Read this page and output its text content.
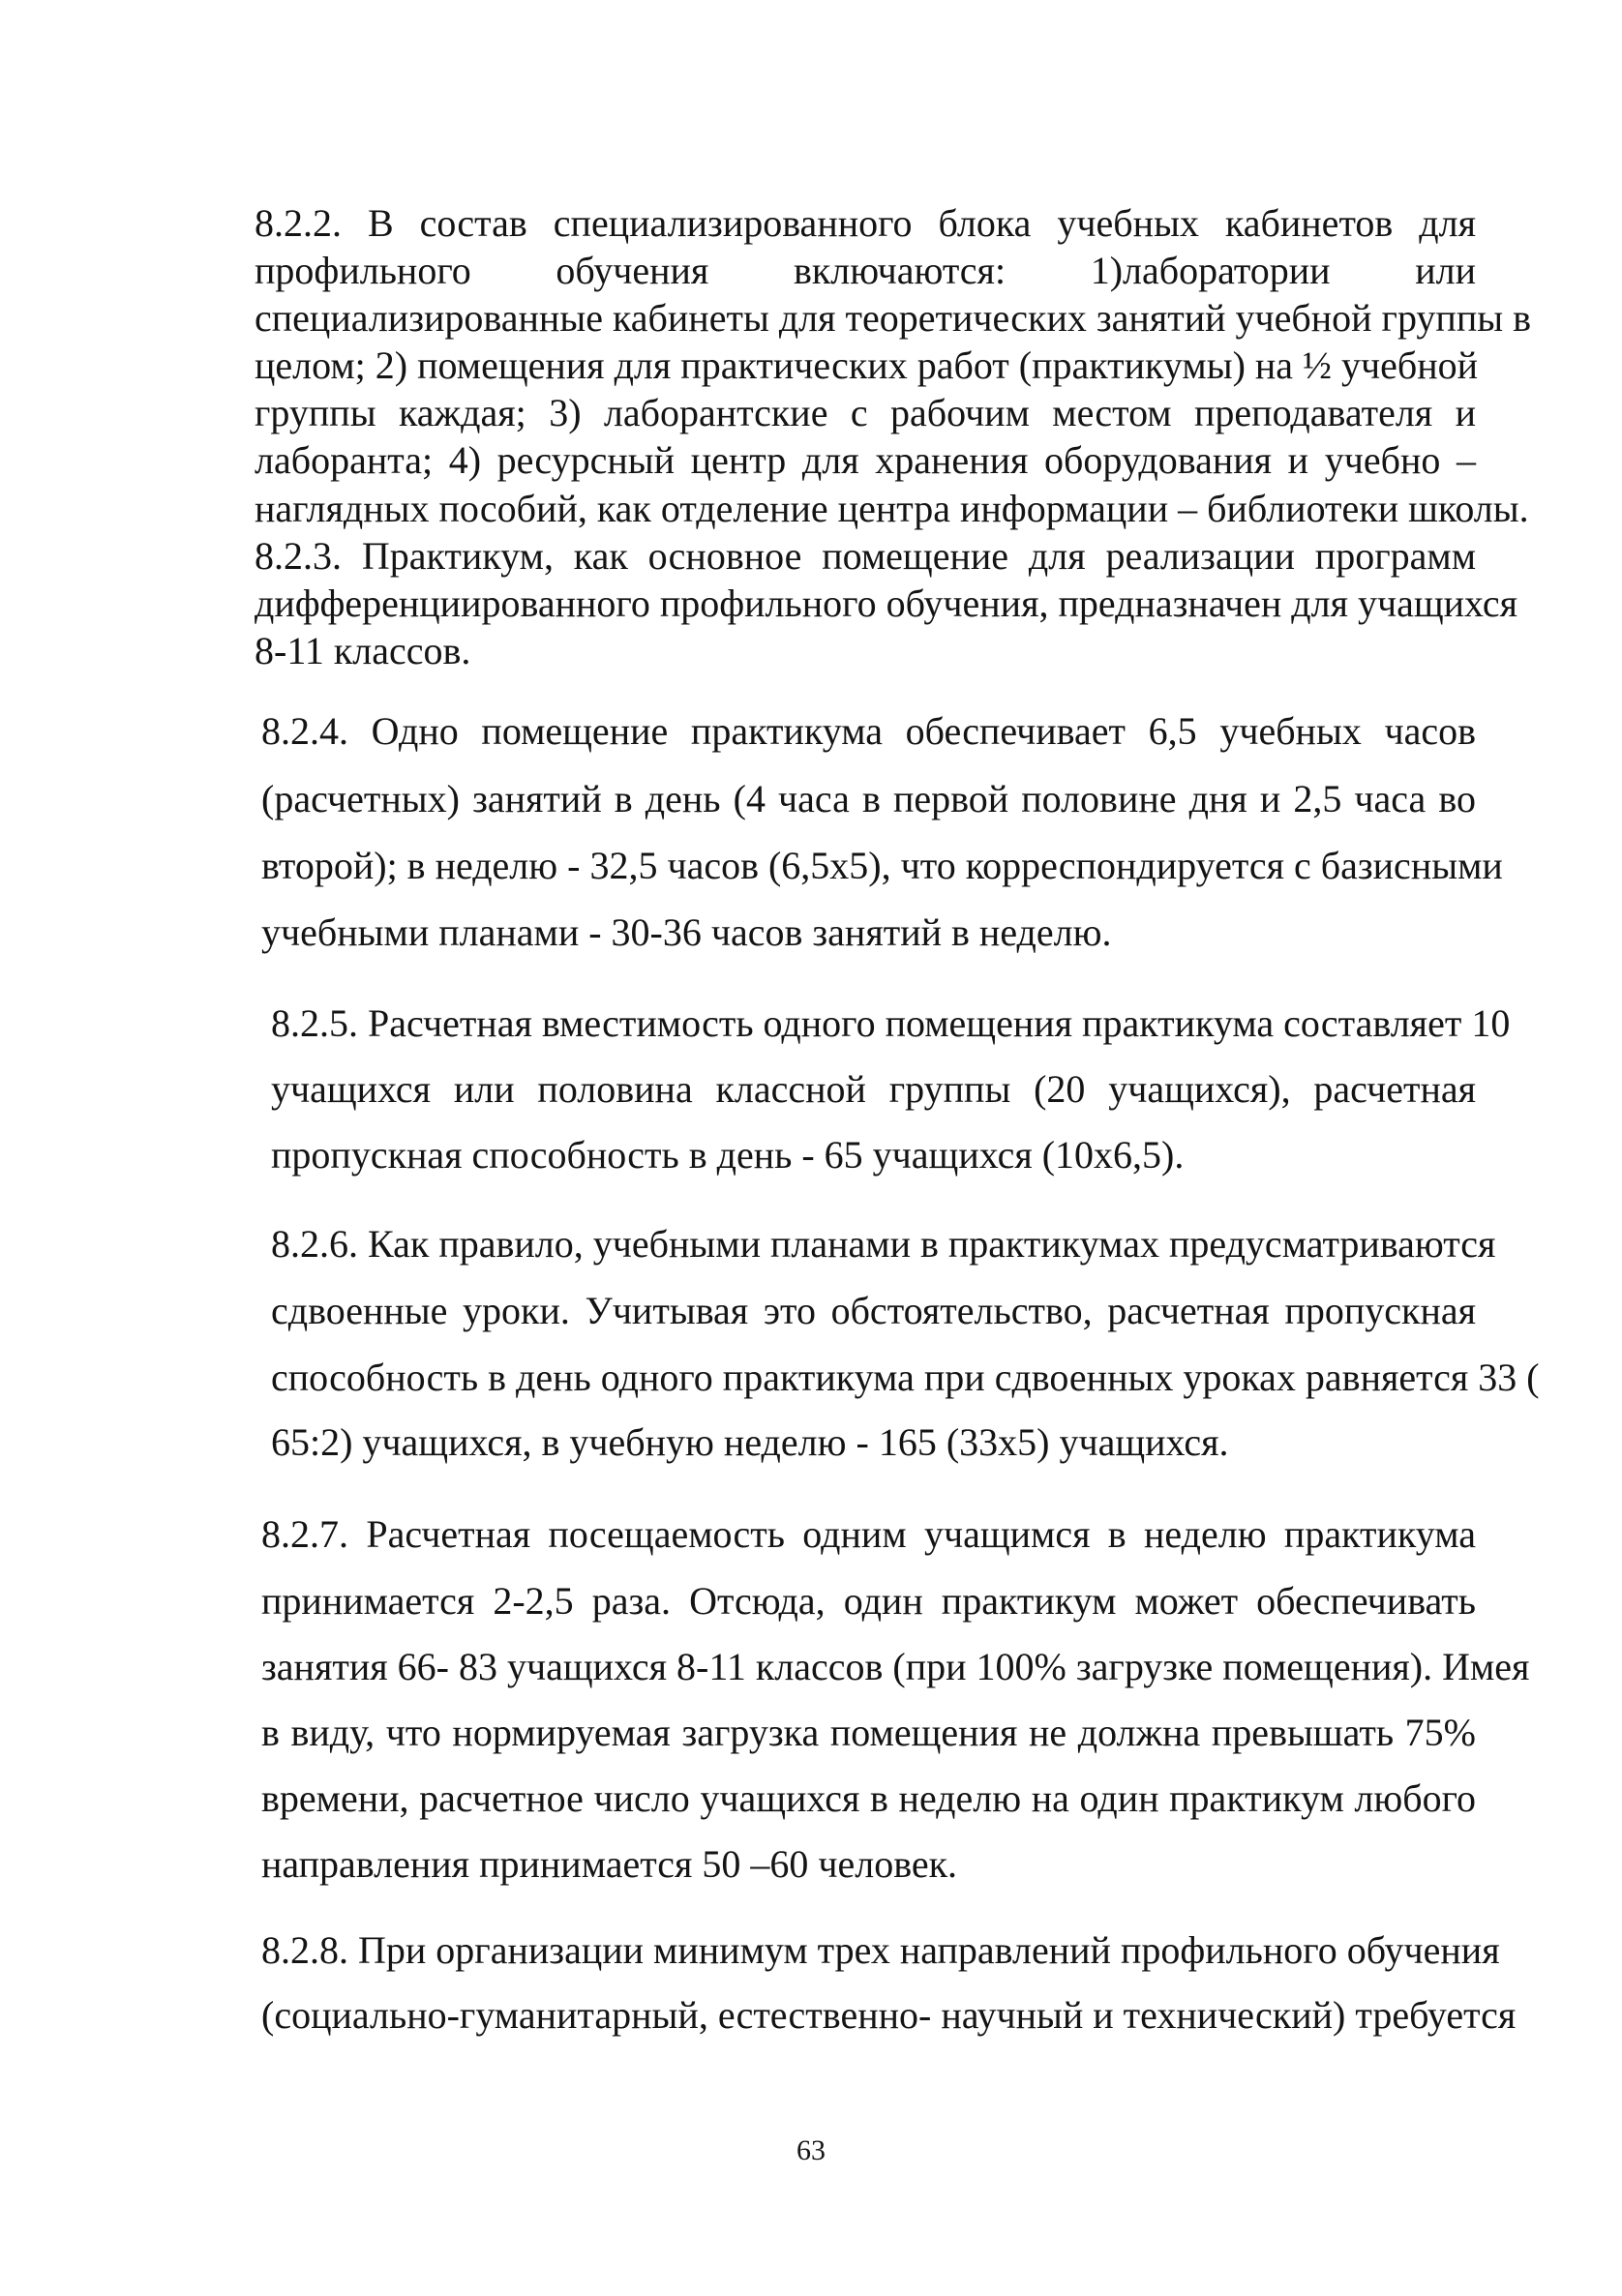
8.2.2. В состав специализированного блока учебных кабинетов для
профильного обучения включаются: 1)лаборатории или
специализированные кабинеты для теоретических занятий учебной группы в
целом; 2) помещения для практических работ (практикумы) на ½ учебной
группы каждая; 3) лаборантские с рабочим местом преподавателя и
лаборанта; 4) ресурсный центр для хранения оборудования и учебно –
наглядных пособий, как отделение центра информации – библиотеки школы.
8.2.3. Практикум, как основное помещение для реализации программ
дифференциированного профильного обучения, предназначен для учащихся
8-11 классов.
8.2.4. Одно помещение практикума обеспечивает 6,5 учебных часов
(расчетных) занятий в день (4 часа в первой половине дня и 2,5 часа во
второй); в неделю - 32,5 часов (6,5x5), что корреспондируется с базисными
учебными планами - 30-36 часов занятий в неделю.
8.2.5. Расчетная вместимость одного помещения практикума составляет 10
учащихся или половина классной группы (20 учащихся), расчетная
пропускная способность в день - 65 учащихся (10x6,5).
8.2.6. Как правило, учебными планами в практикумах предусматриваются
сдвоенные уроки. Учитывая это обстоятельство, расчетная пропускная
способность в день одного практикума при сдвоенных уроках равняется 33 (
65:2) учащихся, в учебную неделю - 165 (33x5) учащихся.
8.2.7. Расчетная посещаемость одним учащимся в неделю практикума
принимается 2-2,5 раза. Отсюда, один практикум может обеспечивать
занятия 66- 83 учащихся 8-11 классов (при 100% загрузке помещения). Имея
в виду, что нормируемая загрузка помещения не должна превышать 75%
времени, расчетное число учащихся в неделю на один практикум любого
направления принимается 50 –60 человек.
8.2.8. При организации минимум трех направлений профильного обучения
(социально-гуманитарный, естественно- научный и технический) требуется
63
